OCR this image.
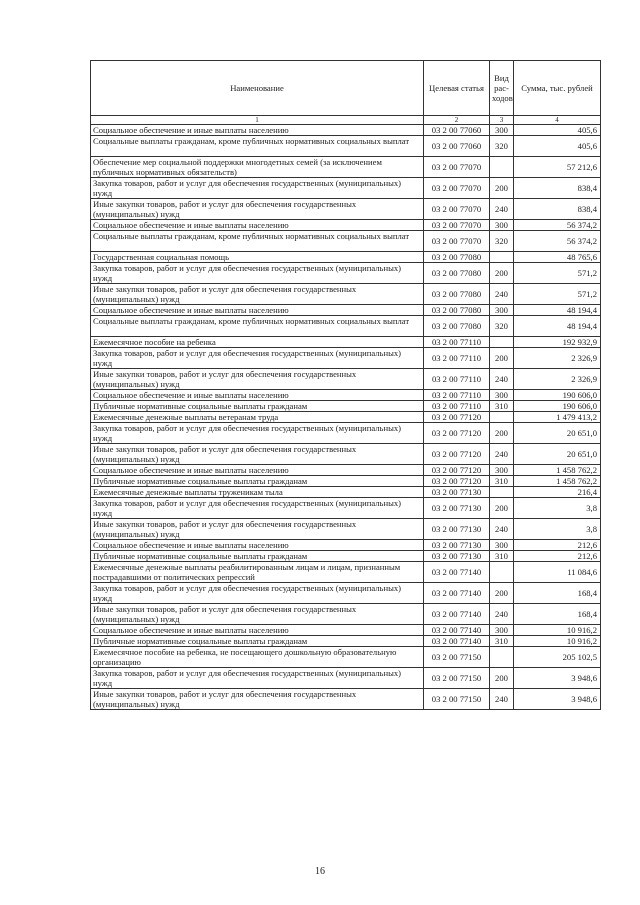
Наименование	Целевая статья	Вид рас-ходов	Сумма, тыс. рублей
1	2	3	4
Социальное обеспечение и иные выплаты населению	03 2 00 77060	300	405,6
Социальные выплаты гражданам, кроме публичных нормативных социальных выплат	03 2 00 77060	320	405,6
Обеспечение мер социальной поддержки многодетных семей (за исключением публичных нормативных обязательств)	03 2 00 77070		57 212,6
Закупка товаров, работ и услуг для обеспечения государственных (муниципальных) нужд	03 2 00 77070	200	838,4
Иные закупки товаров, работ и услуг для обеспечения государственных (муниципальных) нужд	03 2 00 77070	240	838,4
Социальное обеспечение и иные выплаты населению	03 2 00 77070	300	56 374,2
Социальные выплаты гражданам, кроме публичных нормативных социальных выплат	03 2 00 77070	320	56 374,2
Государственная социальная помощь	03 2 00 77080		48 765,6
Закупка товаров, работ и услуг для обеспечения государственных (муниципальных) нужд	03 2 00 77080	200	571,2
Иные закупки товаров, работ и услуг для обеспечения государственных (муниципальных) нужд	03 2 00 77080	240	571,2
Социальное обеспечение и иные выплаты населению	03 2 00 77080	300	48 194,4
Социальные выплаты гражданам, кроме публичных нормативных социальных выплат	03 2 00 77080	320	48 194,4
Ежемесячное пособие на ребенка	03 2 00 77110		192 932,9
Закупка товаров, работ и услуг для обеспечения государственных (муниципальных) нужд	03 2 00 77110	200	2 326,9
Иные закупки товаров, работ и услуг для обеспечения государственных (муниципальных) нужд	03 2 00 77110	240	2 326,9
Социальное обеспечение и иные выплаты населению	03 2 00 77110	300	190 606,0
Публичные нормативные социальные выплаты гражданам	03 2 00 77110	310	190 606,0
Ежемесячные денежные выплаты ветеранам труда	03 2 00 77120		1 479 413,2
Закупка товаров, работ и услуг для обеспечения государственных (муниципальных) нужд	03 2 00 77120	200	20 651,0
Иные закупки товаров, работ и услуг для обеспечения государственных (муниципальных) нужд	03 2 00 77120	240	20 651,0
Социальное обеспечение и иные выплаты населению	03 2 00 77120	300	1 458 762,2
Публичные нормативные социальные выплаты гражданам	03 2 00 77120	310	1 458 762,2
Ежемесячные денежные выплаты труженикам тыла	03 2 00 77130		216,4
Закупка товаров, работ и услуг для обеспечения государственных (муниципальных) нужд	03 2 00 77130	200	3,8
Иные закупки товаров, работ и услуг для обеспечения государственных (муниципальных) нужд	03 2 00 77130	240	3,8
Социальное обеспечение и иные выплаты населению	03 2 00 77130	300	212,6
Публичные нормативные социальные выплаты гражданам	03 2 00 77130	310	212,6
Ежемесячные денежные выплаты реабилитированным лицам и лицам, признанным пострадавшими от политических репрессий	03 2 00 77140		11 084,6
Закупка товаров, работ и услуг для обеспечения государственных (муниципальных) нужд	03 2 00 77140	200	168,4
Иные закупки товаров, работ и услуг для обеспечения государственных (муниципальных) нужд	03 2 00 77140	240	168,4
Социальное обеспечение и иные выплаты населению	03 2 00 77140	300	10 916,2
Публичные нормативные социальные выплаты гражданам	03 2 00 77140	310	10 916,2
Ежемесячное пособие на ребенка, не посещающего дошкольную образовательную организацию	03 2 00 77150		205 102,5
Закупка товаров, работ и услуг для обеспечения государственных (муниципальных) нужд	03 2 00 77150	200	3 948,6
Иные закупки товаров, работ и услуг для обеспечения государственных (муниципальных) нужд	03 2 00 77150	240	3 948,6
16
